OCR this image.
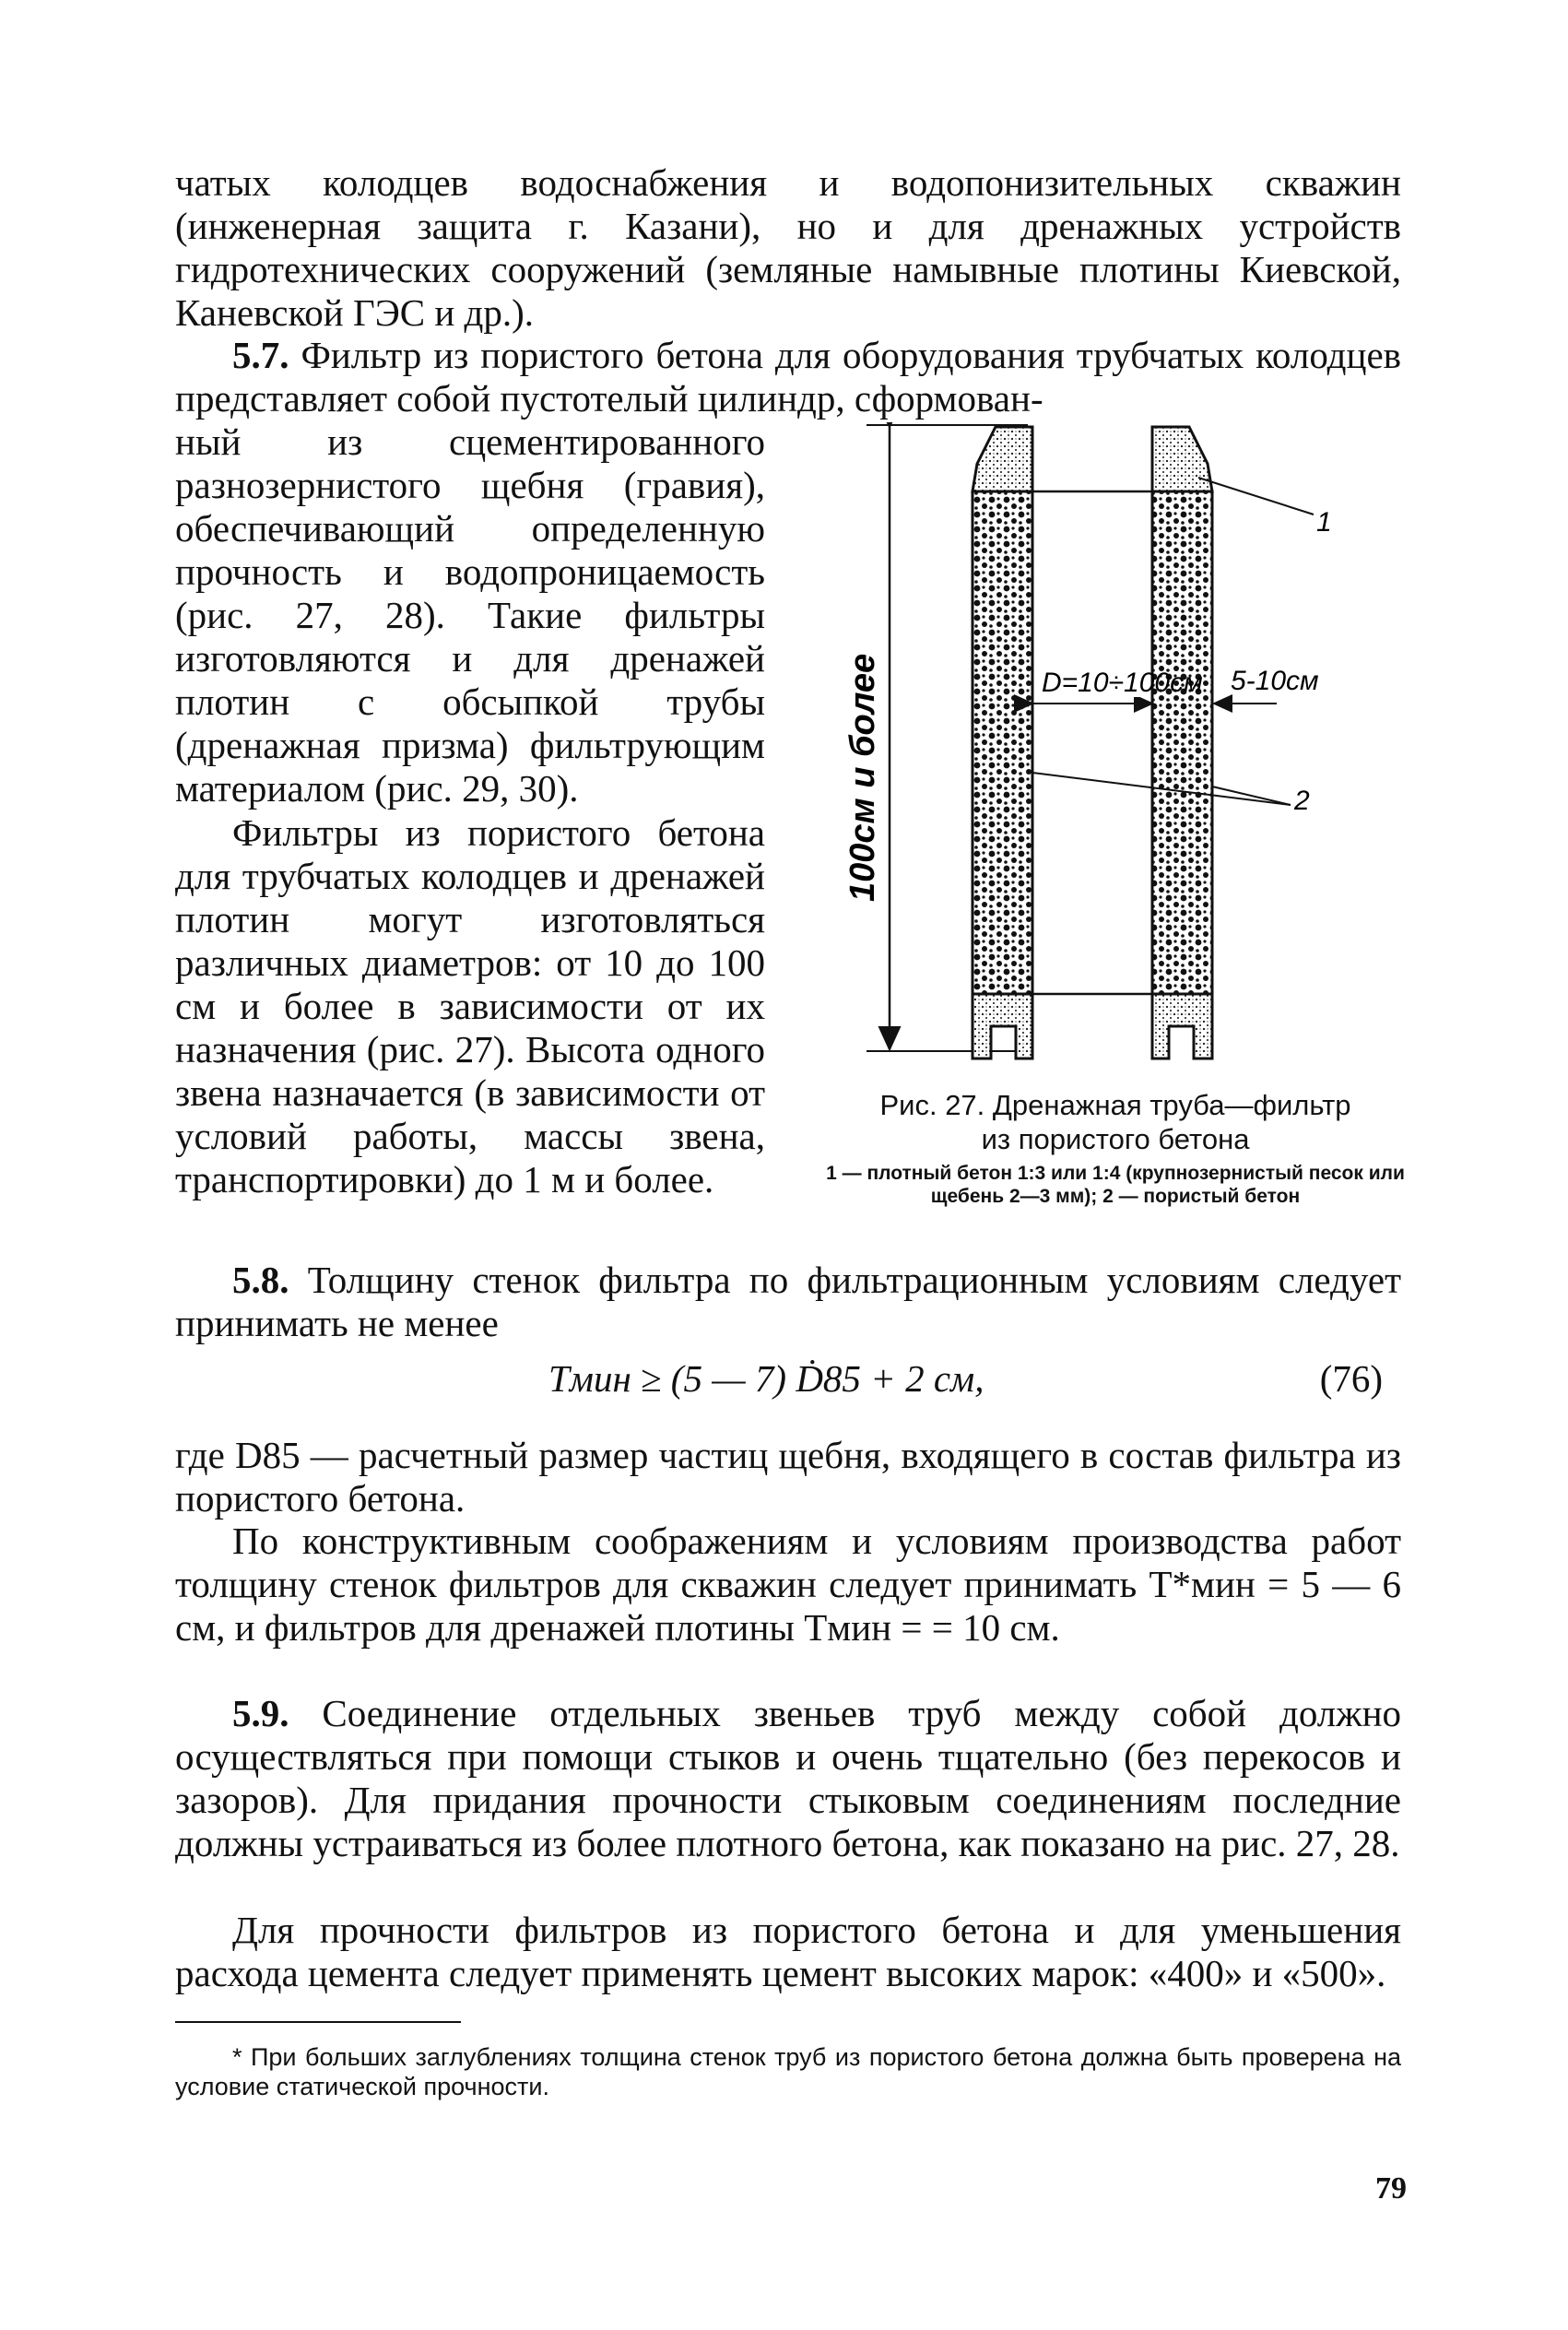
чатых колодцев водоснабжения и водопонизительных скважин (инженерная защита г. Казани), но и для дренажных устройств гидротехнических сооружений (земляные намывные плотины Киевской, Каневской ГЭС и др.).

5.7. Фильтр из пористого бетона для оборудования трубчатых колодцев представляет собой пустотелый цилиндр, сформован-

ный из сцементированного разнозернистого щебня (гравия), обеспечивающий определенную прочность и водопроницаемость (рис. 27, 28). Такие фильтры изготовляются и для дренажей плотин с обсыпкой трубы (дренажная призма) фильтрующим материалом (рис. 29, 30).

Фильтры из пористого бетона для трубчатых колодцев и дренажей плотин могут изготовляться различных диаметров: от 10 до 100 см и более в зависимости от их назначения (рис. 27). Высота одного звена назначается (в зависимости от условий работы, массы звена, транспортировки) до 1 м и более.

100см и более	D=10÷100см 5-10см
1
2

Рис. 27. Дренажная труба—фильтр

из пористого бетона

1 — плотный бетон 1:3 или 1:4 (крупнозернистый песок или щебень 2—3 мм); 2 — пористый бетон

5.8. Толщину стенок фильтра по фильтрационным условиям следует принимать не менее

Tмин ≥ (5 — 7) Ḋ85 + 2 см,	(76)

где D85 — расчетный размер частиц щебня, входящего в состав фильтра из пористого бетона.

По конструктивным соображениям и условиям производства работ толщину стенок фильтров для скважин следует принимать T*мин = 5 — 6 см, и фильтров для дренажей плотины Tмин = = 10 см.

5.9. Соединение отдельных звеньев труб между собой должно осуществляться при помощи стыков и очень тщательно (без перекосов и зазоров). Для придания прочности стыковым соединениям последние должны устраиваться из более плотного бетона, как показано на рис. 27, 28.

Для прочности фильтров из пористого бетона и для уменьшения расхода цемента следует применять цемент высоких марок: «400» и «500».

* При больших заглублениях толщина стенок труб из пористого бетона должна быть проверена на условие статической прочности.

79
